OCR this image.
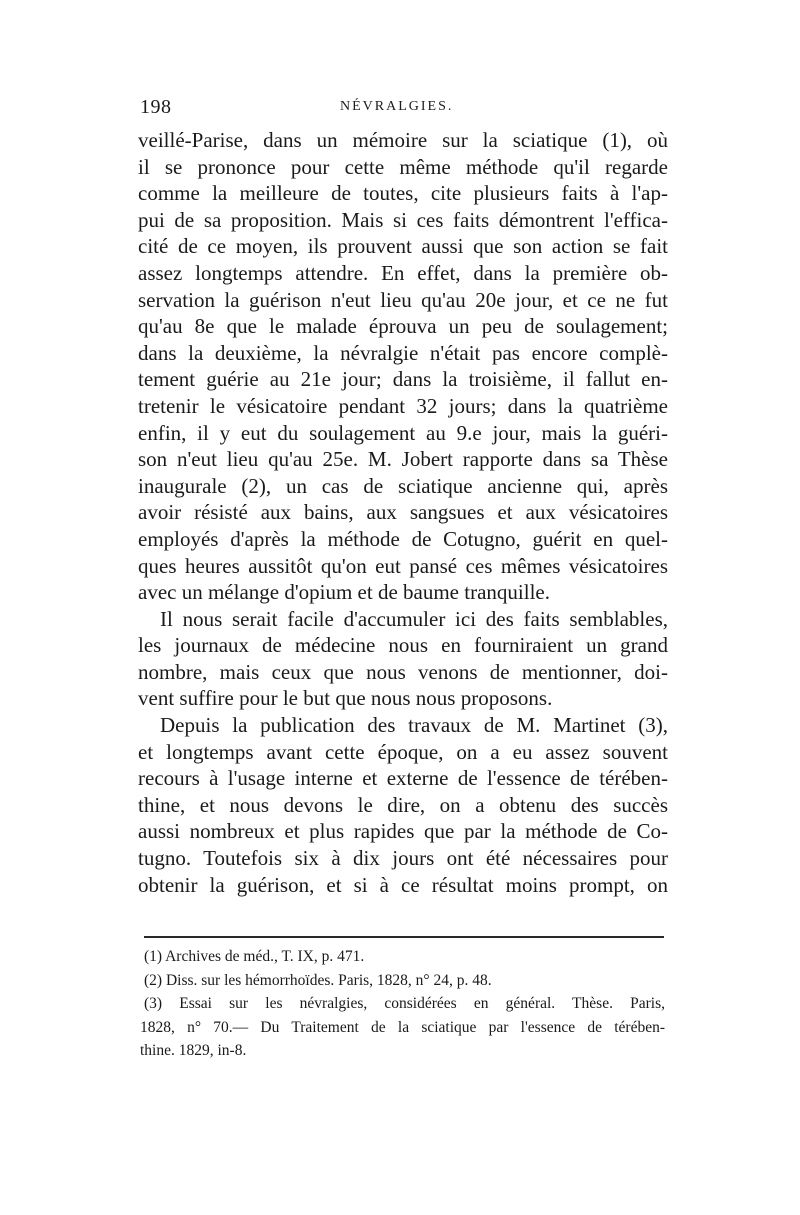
198	NÉVRALGIES.
veillé-Parise, dans un mémoire sur la sciatique (1), où
il se prononce pour cette même méthode qu'il regarde
comme la meilleure de toutes, cite plusieurs faits à l'ap-
pui de sa proposition. Mais si ces faits démontrent l'effica-
cité de ce moyen, ils prouvent aussi que son action se fait
assez longtemps attendre. En effet, dans la première ob-
servation la guérison n'eut lieu qu'au 20e jour, et ce ne fut
qu'au 8e que le malade éprouva un peu de soulagement;
dans la deuxième, la névralgie n'était pas encore complè-
tement guérie au 21e jour; dans la troisième, il fallut en-
tretenir le vésicatoire pendant 32 jours; dans la quatrième
enfin, il y eut du soulagement au 9.e jour, mais la guéri-
son n'eut lieu qu'au 25e. M. Jobert rapporte dans sa Thèse
inaugurale (2), un cas de sciatique ancienne qui, après
avoir résisté aux bains, aux sangsues et aux vésicatoires
employés d'après la méthode de Cotugno, guérit en quel-
ques heures aussitôt qu'on eut pansé ces mêmes vésicatoires
avec un mélange d'opium et de baume tranquille.
Il nous serait facile d'accumuler ici des faits semblables,
les journaux de médecine nous en fourniraient un grand
nombre, mais ceux que nous venons de mentionner, doi-
vent suffire pour le but que nous nous proposons.
Depuis la publication des travaux de M. Martinet (3),
et longtemps avant cette époque, on a eu assez souvent
recours à l'usage interne et externe de l'essence de térében-
thine, et nous devons le dire, on a obtenu des succès
aussi nombreux et plus rapides que par la méthode de Co-
tugno. Toutefois six à dix jours ont été nécessaires pour
obtenir la guérison, et si à ce résultat moins prompt, on
(1) Archives de méd., T. IX, p. 471.
(2) Diss. sur les hémorrhoïdes. Paris, 1828, n° 24, p. 48.
(3) Essai sur les névralgies, considérées en général. Thèse. Paris,
1828, n° 70.— Du Traitement de la sciatique par l'essence de térében-
thine. 1829, in-8.
